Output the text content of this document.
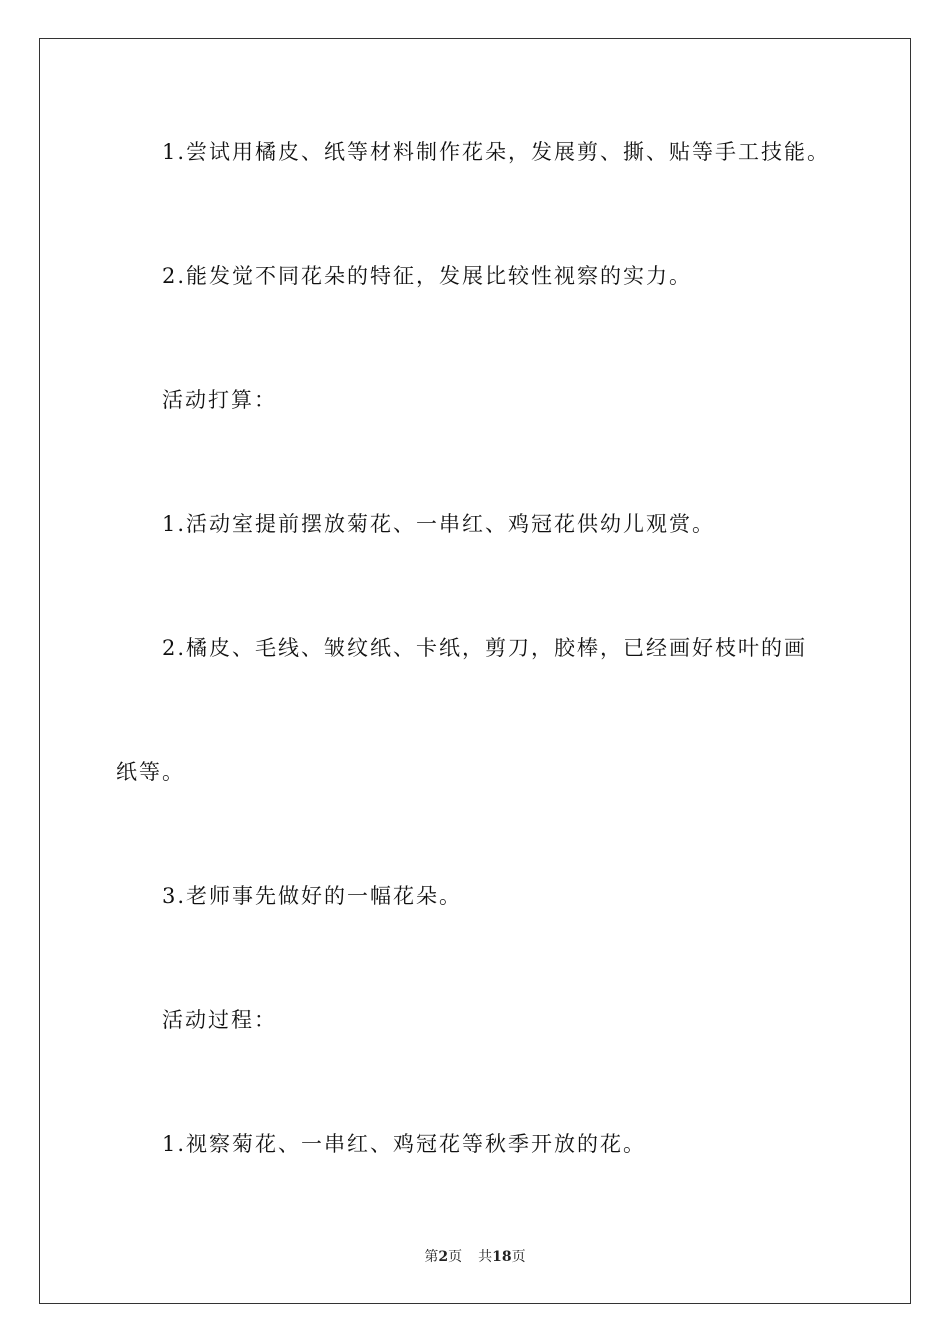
1.尝试用橘皮、纸等材料制作花朵，发展剪、撕、贴等手工技能。
2.能发觉不同花朵的特征，发展比较性视察的实力。
活动打算：
1.活动室提前摆放菊花、一串红、鸡冠花供幼儿观赏。
2.橘皮、毛线、皱纹纸、卡纸，剪刀，胶棒，已经画好枝叶的画
纸等。
3.老师事先做好的一幅花朵。
活动过程：
1.视察菊花、一串红、鸡冠花等秋季开放的花。
第2页 共18页
